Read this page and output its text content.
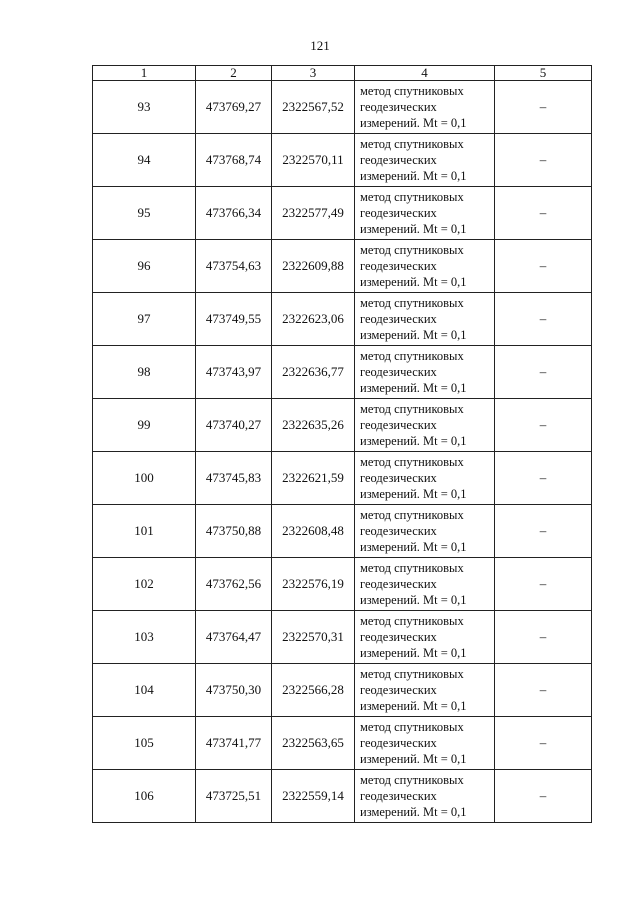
121
1	2	3	4	5
93	473769,27	2322567,52	метод спутниковых
геодезических
измерений. Mt = 0,1	–
94	473768,74	2322570,11	метод спутниковых
геодезических
измерений. Mt = 0,1	–
95	473766,34	2322577,49	метод спутниковых
геодезических
измерений. Mt = 0,1	–
96	473754,63	2322609,88	метод спутниковых
геодезических
измерений. Mt = 0,1	–
97	473749,55	2322623,06	метод спутниковых
геодезических
измерений. Mt = 0,1	–
98	473743,97	2322636,77	метод спутниковых
геодезических
измерений. Mt = 0,1	–
99	473740,27	2322635,26	метод спутниковых
геодезических
измерений. Mt = 0,1	–
100	473745,83	2322621,59	метод спутниковых
геодезических
измерений. Mt = 0,1	–
101	473750,88	2322608,48	метод спутниковых
геодезических
измерений. Mt = 0,1	–
102	473762,56	2322576,19	метод спутниковых
геодезических
измерений. Mt = 0,1	–
103	473764,47	2322570,31	метод спутниковых
геодезических
измерений. Mt = 0,1	–
104	473750,30	2322566,28	метод спутниковых
геодезических
измерений. Mt = 0,1	–
105	473741,77	2322563,65	метод спутниковых
геодезических
измерений. Mt = 0,1	–
106	473725,51	2322559,14	метод спутниковых
геодезических
измерений. Mt = 0,1	–
